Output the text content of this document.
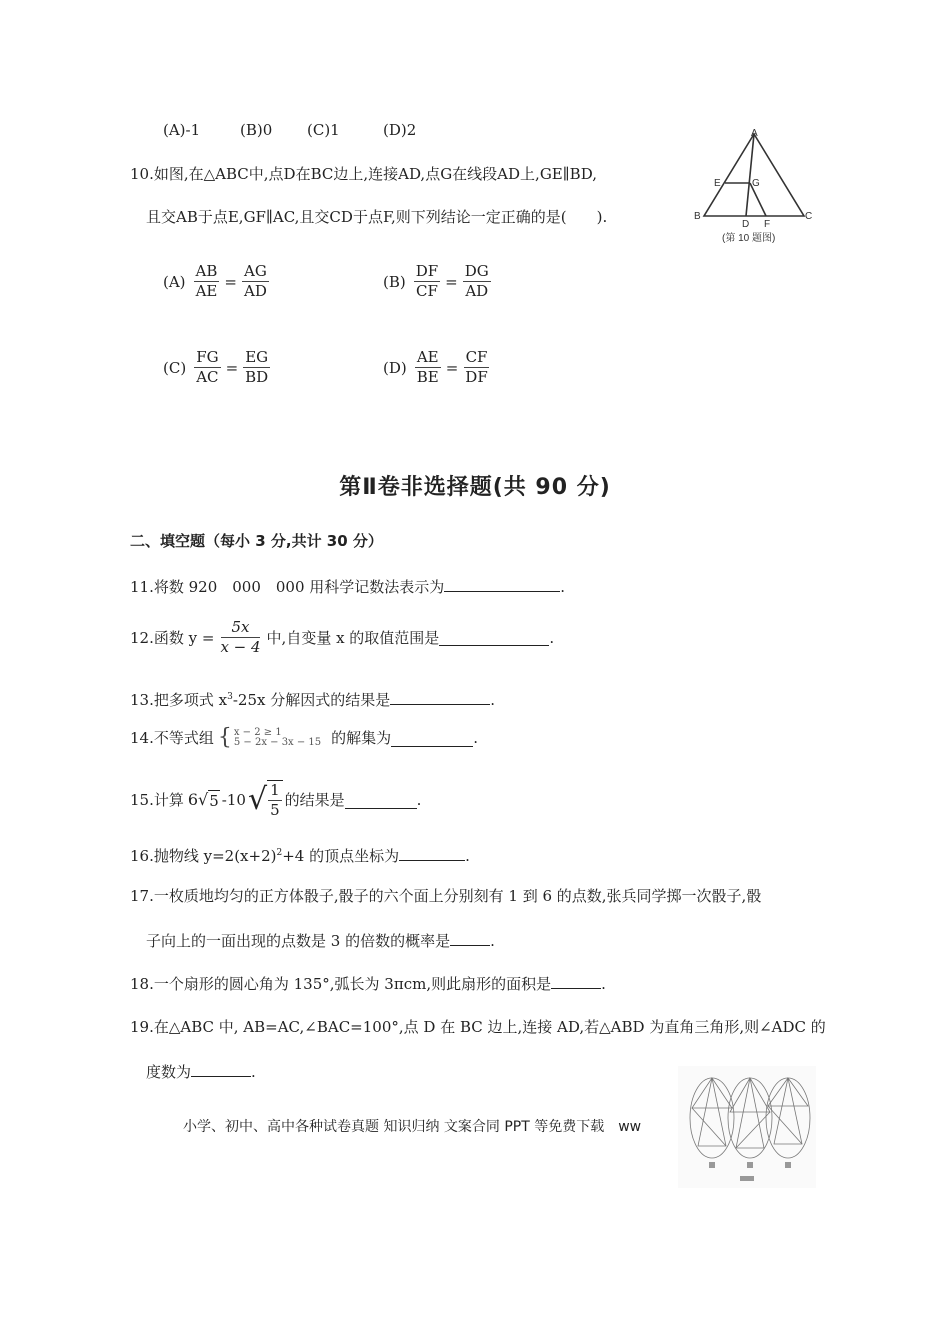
(A)-1	(B)0 (C)1	(D)2
10.如图,在△ABC中,点D在BC边上,连接AD,点G在线段AD上,GE∥BD,
且交AB于点E,GF∥AC,且交CD于点F,则下列结论一定正确的是(　　).
A
B	C
D
E
F
G
(第 10 题图)
$(A) \frac{AB}{AE} = \frac{AG}{AD}$	$(B) \frac{DF}{CF} = \frac{DG}{AD}$
$(C) \frac{FG}{AC} = \frac{EG}{BD}$	$(D) \frac{AE}{BE} = \frac{CF}{DF}$
第Ⅱ卷非选择题(共 90 分)
二、填空题（每小 3 分,共计 30 分）
11.将数 920　000　000 用科学记数法表示为	.
12.函数 $y = \frac{5x}{x - 4}$ 中,自变量 x 的取值范围是	.
13.把多项式 $x^3-25x$ 分解因式的结果是	.
14.不等式组 { x − 2 ≥ 1
5 − 2x − 3x − 15 的解集为	.
15.计算 6 √ 5 -10 √ $\frac{1}{5}$ 的结果是	.
16.抛物线 $y=2(x+2)^2+4$ 的顶点坐标为	.
17.一枚质地均匀的正方体骰子,骰子的六个面上分别刻有 1 到 6 的点数,张兵同学掷一次骰子,骰
子向上的一面出现的点数是 3 的倍数的概率是	.
18.一个扇形的圆心角为 135°,弧长为 3πcm,则此扇形的面积是	.
19.在△ABC 中, AB=AC,∠BAC=100°,点 D 在 BC 边上,连接 AD,若△ABD 为直角三角形,则∠ADC 的
度数为	.
小学、初中、高中各种试卷真题 知识归纳 文案合同 PPT 等免费下载　ww
